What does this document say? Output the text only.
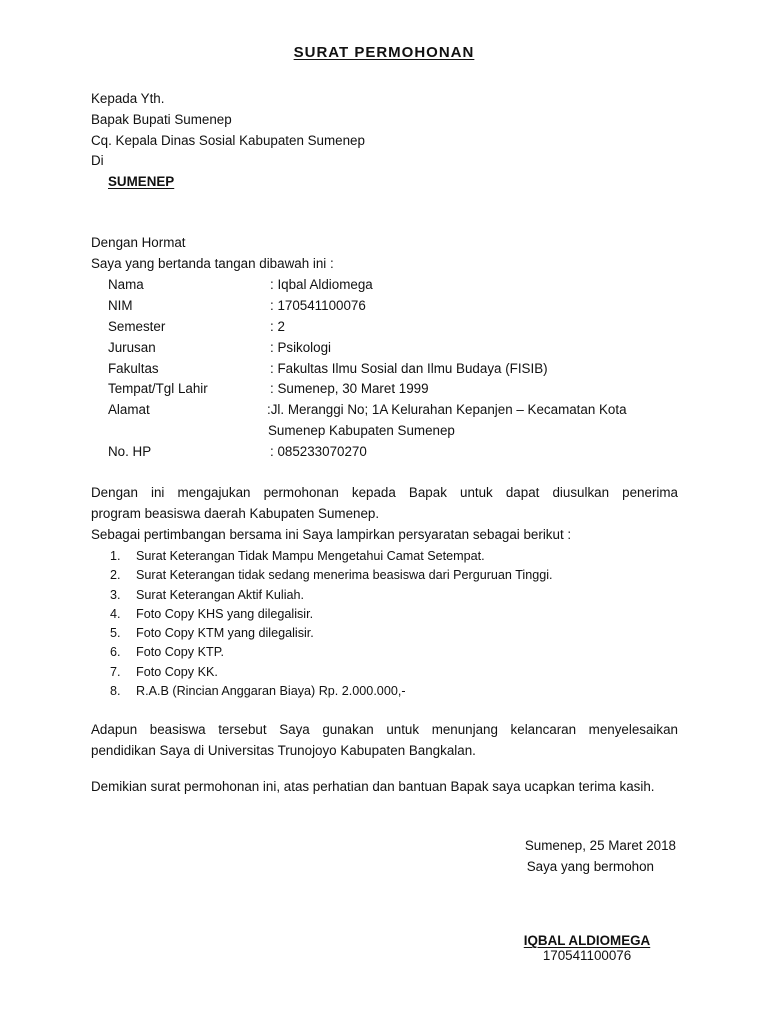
SURAT PERMOHONAN
Kepada Yth.
Bapak Bupati Sumenep
Cq. Kepala Dinas Sosial Kabupaten Sumenep
Di
SUMENEP
Dengan Hormat
Saya yang bertanda tangan dibawah ini :
Nama	: Iqbal Aldiomega
NIM	: 170541100076
Semester	: 2
Jurusan	: Psikologi
Fakultas	: Fakultas Ilmu Sosial dan Ilmu Budaya (FISIB)
Tempat/Tgl Lahir	: Sumenep, 30 Maret 1999
Alamat	:Jl. Meranggi No; 1A Kelurahan Kepanjen – Kecamatan Kota
Sumenep Kabupaten Sumenep
No. HP	: 085233070270
Dengan ini mengajukan permohonan kepada Bapak untuk dapat diusulkan penerima
program beasiswa daerah Kabupaten Sumenep.
Sebagai pertimbangan bersama ini Saya lampirkan persyaratan sebagai berikut :
1. Surat Keterangan Tidak Mampu Mengetahui Camat Setempat.
2. Surat Keterangan tidak sedang menerima beasiswa dari Perguruan Tinggi.
3. Surat Keterangan Aktif Kuliah.
4. Foto Copy KHS yang dilegalisir.
5. Foto Copy KTM yang dilegalisir.
6. Foto Copy KTP.
7. Foto Copy KK.
8. R.A.B (Rincian Anggaran Biaya) Rp. 2.000.000,-
Adapun beasiswa tersebut Saya gunakan untuk menunjang kelancaran menyelesaikan
pendidikan Saya di Universitas Trunojoyo Kabupaten Bangkalan.
Demikian surat permohonan ini, atas perhatian dan bantuan Bapak saya ucapkan terima kasih.
Sumenep, 25 Maret 2018
Saya yang bermohon
IQBAL ALDIOMEGA
170541100076
